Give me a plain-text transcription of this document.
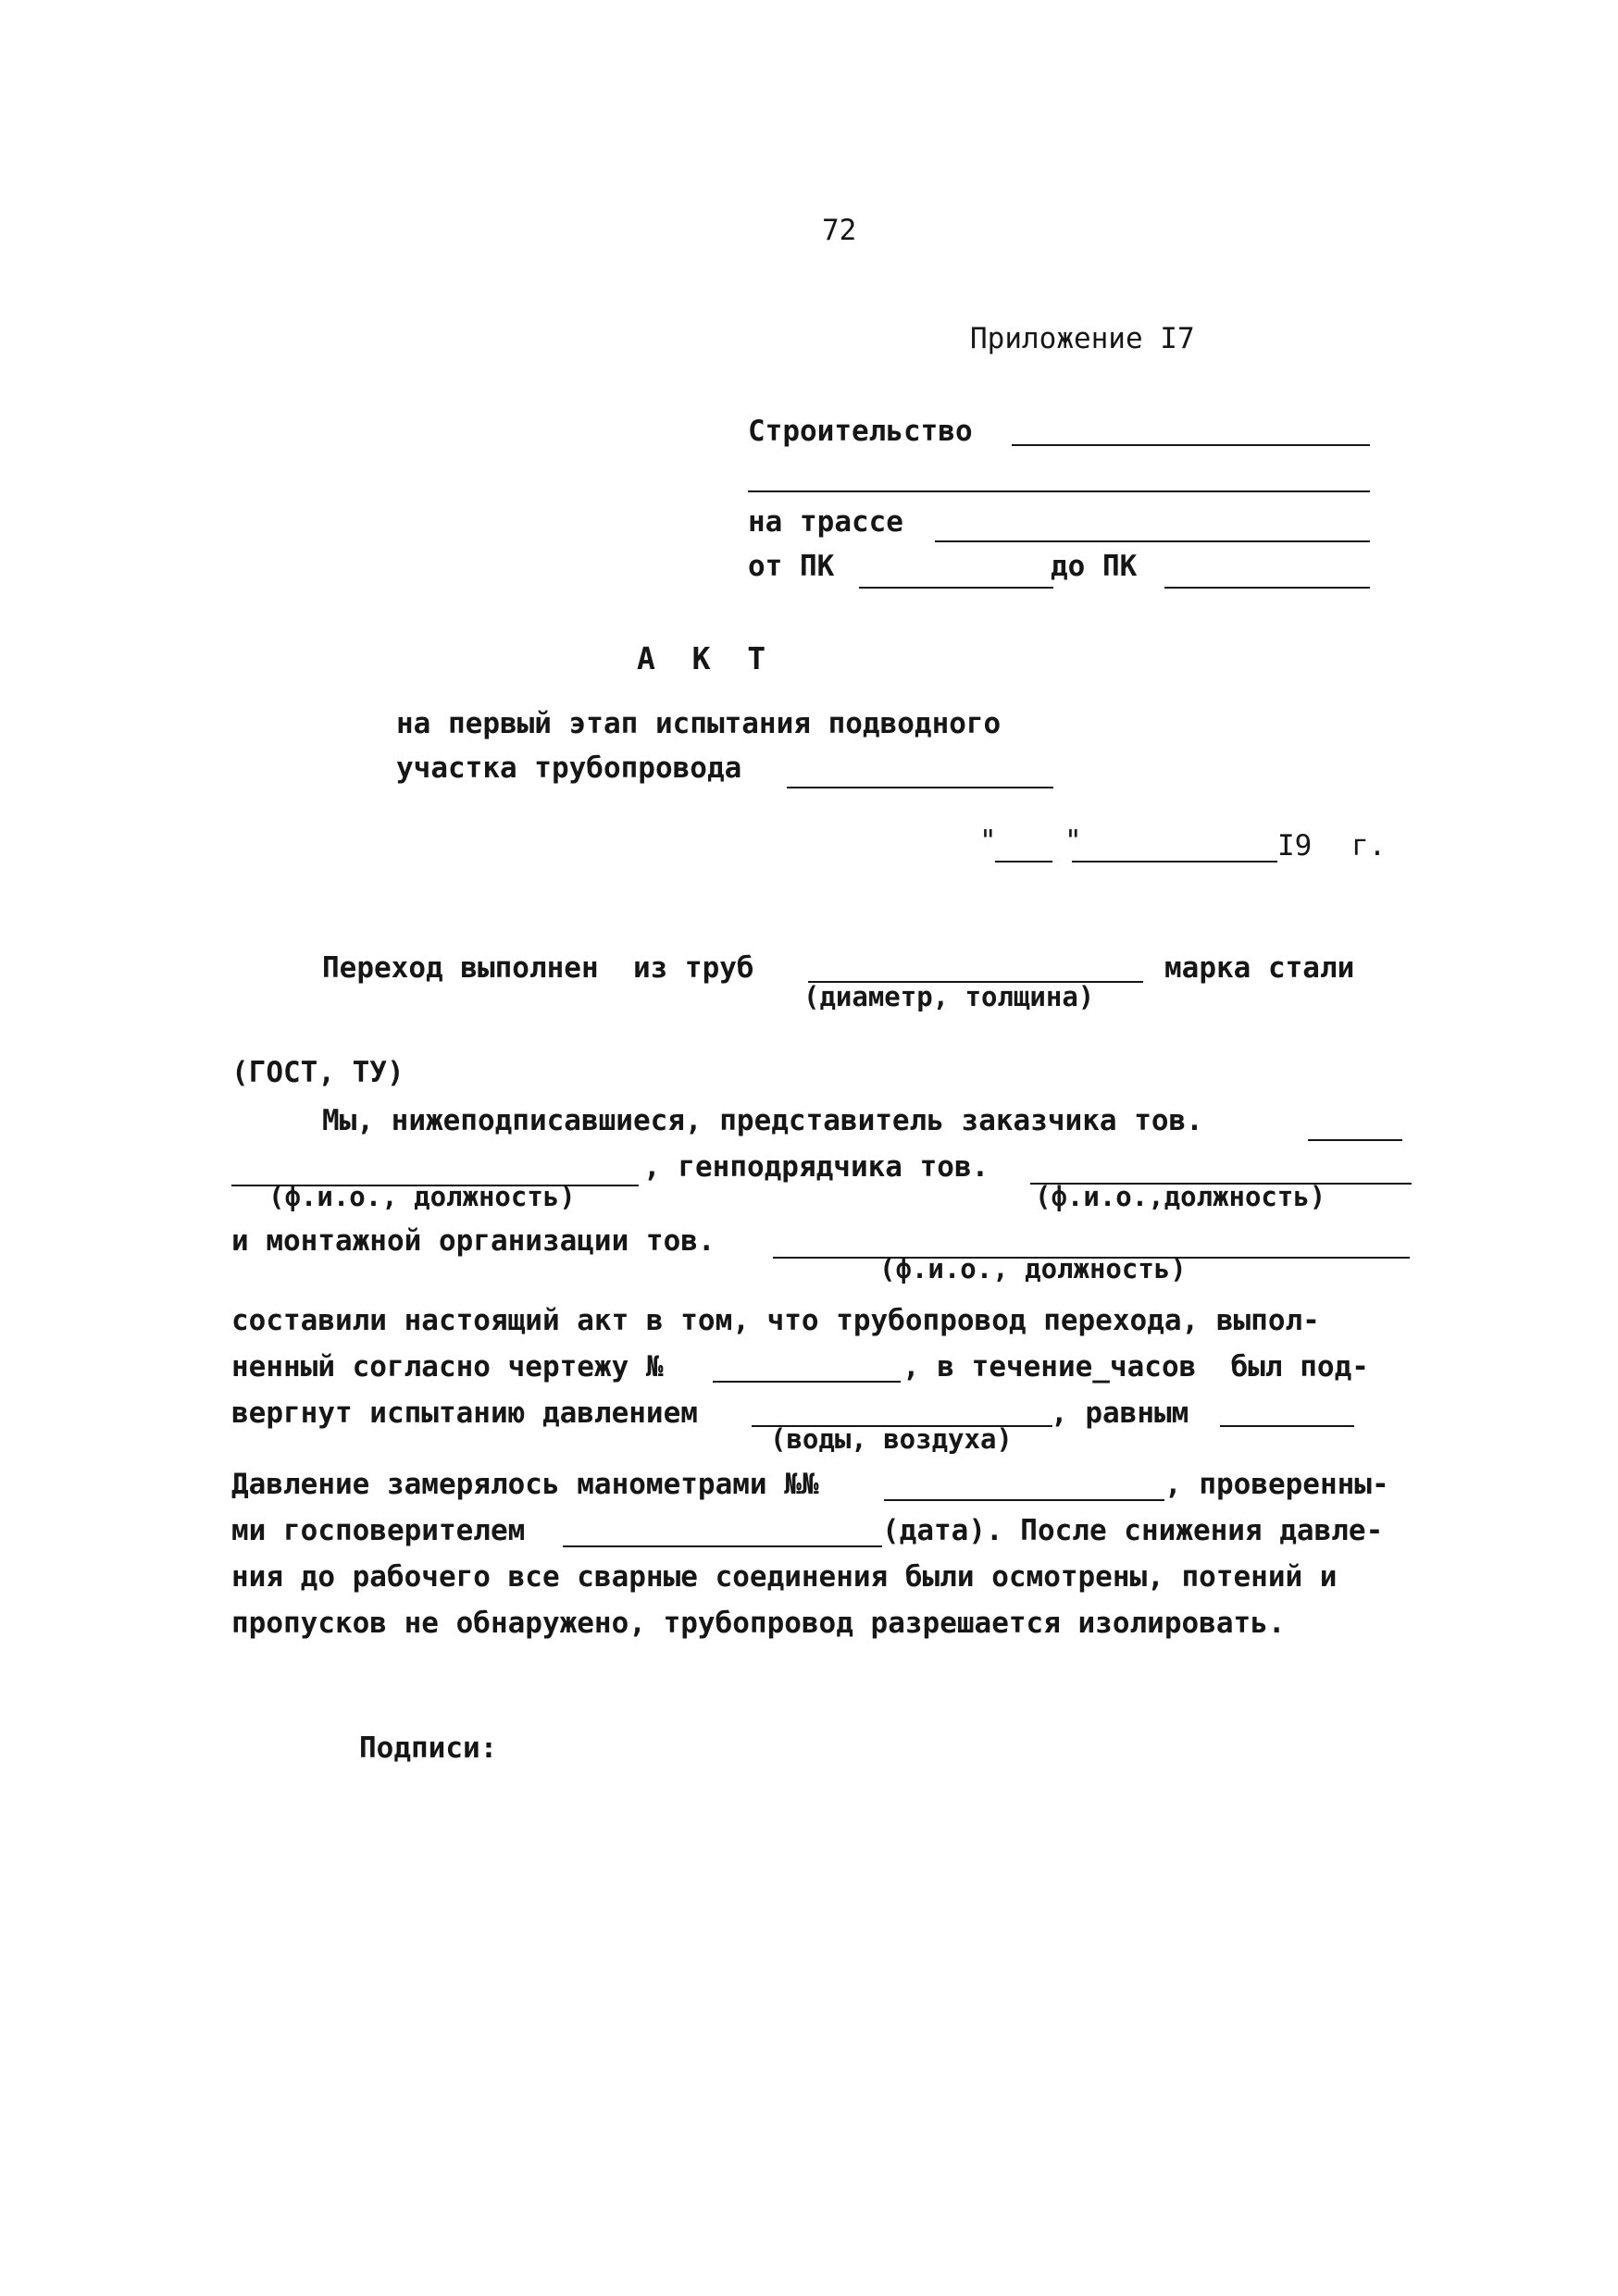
72
Приложение I7
Строительство
на трассе
от ПК	до ПК
А  К  Т
на первый этап испытания подводного
участка трубопровода
" "	I9 г.
Переход выполнен  из труб
(диаметр, толщина)
марка стали
(ГОСТ, ТУ)
Мы, нижеподписавшиеся, представитель заказчика тов.
(ф.и.о., должность)
, генподрядчика тов.
(ф.и.о.,должность)
и монтажной организации тов.
(ф.и.о., должность)
составили настоящий акт в том, что трубопровод перехода, выпол-
ненный согласно чертежу №	, в течение_часов  был под-
вергнут испытанию давлением
(воды, воздуха)
, равным
Давление замерялось манометрами №№	, проверенны-
ми госповерителем	(дата). После снижения давле-
ния до рабочего все сварные соединения были осмотрены, потений и
пропусков не обнаружено, трубопровод разрешается изолировать.
Подписи:
